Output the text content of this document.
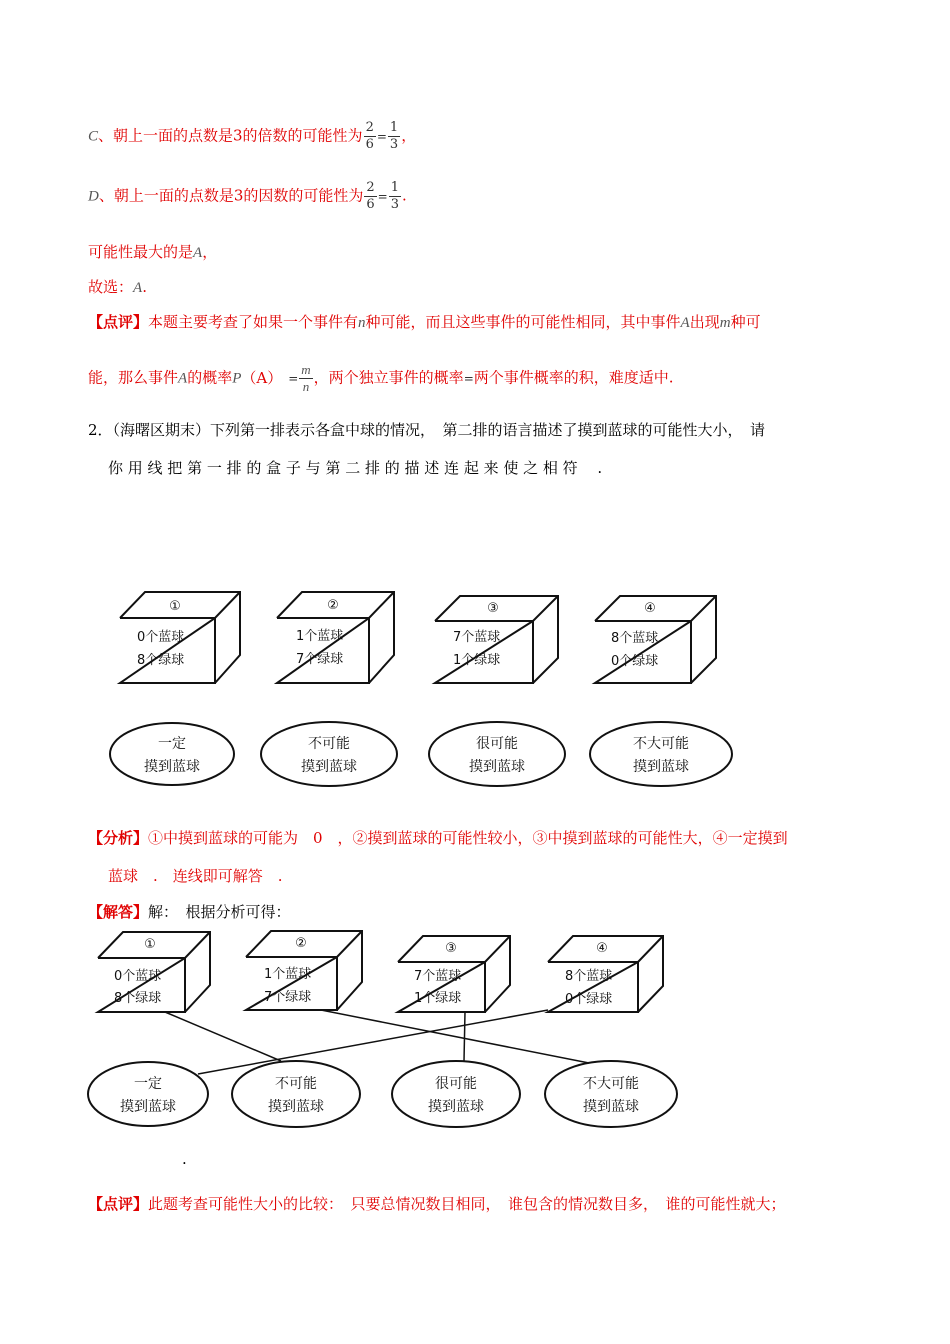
C、朝上一面的点数是3的倍数的可能性为 $\frac{2}{6} = \frac{1}{3}$ ，
D、朝上一面的点数是3的因数的可能性为 $\frac{2}{6} = \frac{1}{3}$ .
可能性最大的是A，
故选：A.
【点评】本题主要考查了如果一个事件有n种可能，而且这些事件的可能性相同，其中事件A出现m种可
能，那么事件A的概率$P(A) = \frac{m}{n}$ ，两个独立事件的概率=两个事件概率的积，难度适中.
2．（海曙区期末）下列第一排表示各盒中球的情况，　第二排的语言描述了摸到蓝球的可能性大小，　请
你 用 线 把 第 一 排 的 盒 子 与 第 二 排 的 描 述 连 起 来 使 之 相 符　 .
①
0个蓝球
8个绿球
②
1个蓝球
7个绿球
③
7个蓝球
1个绿球
④
8个蓝球
0个绿球
一定
摸到蓝球
不可能
摸到蓝球
很可能
摸到蓝球
不大可能
摸到蓝球
【分析】①中摸到蓝球的可能为　0　，②摸到蓝球的可能性较小，③中摸到蓝球的可能性大，④一定摸到
蓝球　.　连线即可解答　.
【解答】解：　根据分析可得：
①
0个蓝球
8个绿球
②
1个蓝球
7个绿球
③
7个蓝球
1个绿球
④
8个蓝球
0个绿球
一定
摸到蓝球
不可能
摸到蓝球
很可能
摸到蓝球
不大可能
摸到蓝球
.
【点评】此题考查可能性大小的比较：　只要总情况数目相同，　谁包含的情况数目多，　谁的可能性就大；
